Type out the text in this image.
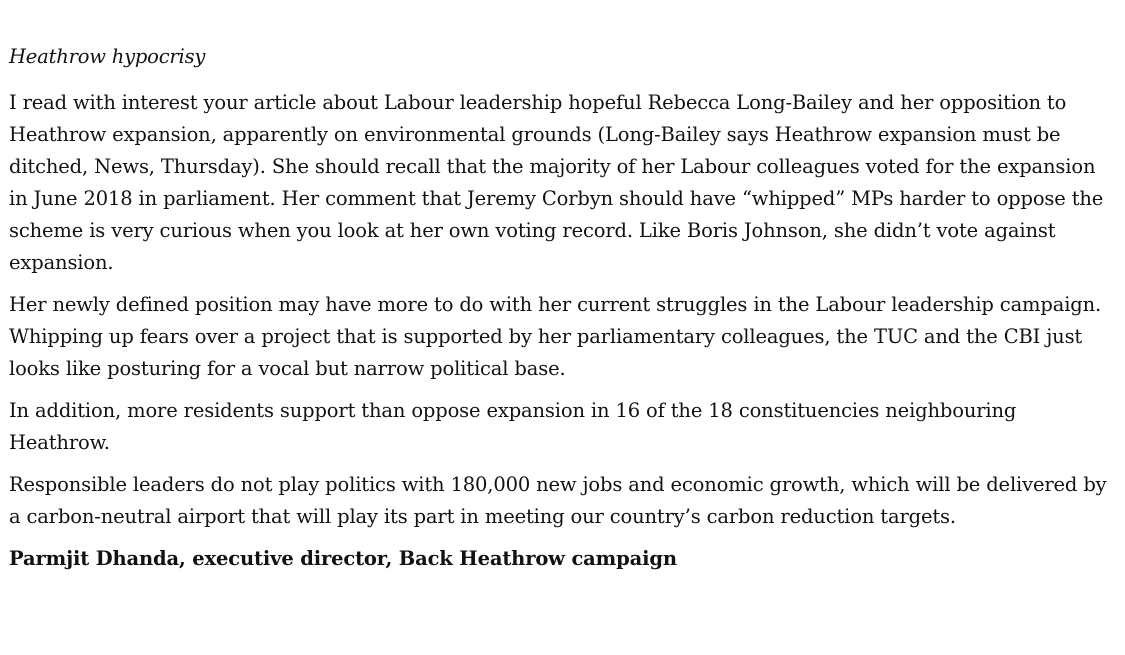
Heathrow hypocrisy

I read with interest your article about Labour leadership hopeful Rebecca Long-Bailey and her opposition to Heathrow expansion, apparently on environmental grounds (Long-Bailey says Heathrow expansion must be ditched, News, Thursday). She should recall that the majority of her Labour colleagues voted for the expansion in June 2018 in parliament. Her comment that Jeremy Corbyn should have “whipped” MPs harder to oppose the scheme is very curious when you look at her own voting record. Like Boris Johnson, she didn’t vote against expansion.

Her newly defined position may have more to do with her current struggles in the Labour leadership campaign. Whipping up fears over a project that is supported by her parliamentary colleagues, the TUC and the CBI just looks like posturing for a vocal but narrow political base.

In addition, more residents support than oppose expansion in 16 of the 18 constituencies neighbouring Heathrow.

Responsible leaders do not play politics with 180,000 new jobs and economic growth, which will be delivered by a carbon-neutral airport that will play its part in meeting our country’s carbon reduction targets.

Parmjit Dhanda, executive director, Back Heathrow campaign
